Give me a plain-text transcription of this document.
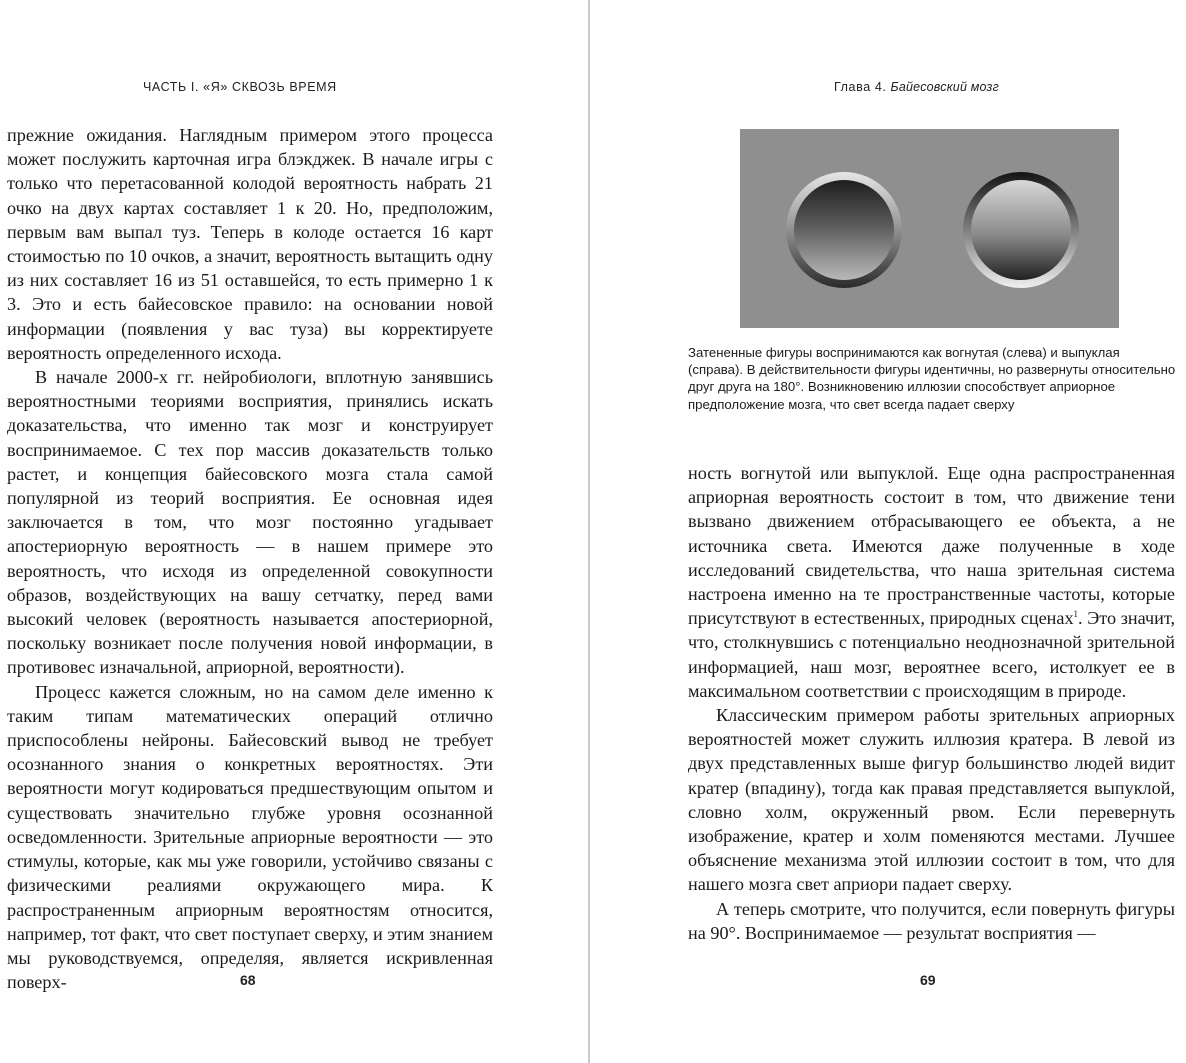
ЧАСТЬ I. «Я» СКВОЗЬ ВРЕМЯ

прежние ожидания. Наглядным примером этого процесса может послужить карточная игра блэкджек. В начале игры с только что перетасованной колодой вероятность набрать 21 очко на двух картах составляет 1 к 20. Но, предположим, первым вам выпал туз. Теперь в колоде остается 16 карт стоимостью по 10 очков, а значит, вероятность вытащить одну из них составляет 16 из 51 оставшейся, то есть примерно 1 к 3. Это и есть байесовское правило: на основании новой информации (появления у вас туза) вы корректируете вероятность определенного исхода.

В начале 2000-х гг. нейробиологи, вплотную занявшись вероятностными теориями восприятия, принялись искать доказательства, что именно так мозг и конструирует воспринимаемое. С тех пор массив доказательств только растет, и концепция байесовского мозга стала самой популярной из теорий восприятия. Ее основная идея заключается в том, что мозг постоянно угадывает апостериорную вероятность — в нашем примере это вероятность, что исходя из определенной совокупности образов, воздействующих на вашу сетчатку, перед вами высокий человек (вероятность называется апостериорной, поскольку возникает после получения новой информации, в противовес изначальной, априорной, вероятности).

Процесс кажется сложным, но на самом деле именно к таким типам математических операций отлично приспособлены нейроны. Байесовский вывод не требует осознанного знания о конкретных вероятностях. Эти вероятности могут кодироваться предшествующим опытом и существовать значительно глубже уровня осознанной осведомленности. Зрительные априорные вероятности — это стимулы, которые, как мы уже говорили, устойчиво связаны с физическими реалиями окружающего мира. К распространенным априорным вероятностям относится, например, тот факт, что свет поступает сверху, и этим знанием мы руководствуемся, определяя, является искривленная поверх-	68
Глава 4. Байесовский мозг

Затененные фигуры воспринимаются как вогнутая (слева) и выпуклая (справа). В действительности фигуры идентичны, но развернуты относительно друг друга на 180°. Возникновению иллюзии способствует априорное предположение мозга, что свет всегда падает сверху

ность вогнутой или выпуклой. Еще одна распространенная априорная вероятность состоит в том, что движение тени вызвано движением отбрасывающего ее объекта, а не источника света. Имеются даже полученные в ходе исследований свидетельства, что наша зрительная система настроена именно на те пространственные частоты, которые присутствуют в естественных, природных сценах$^1$. Это значит, что, столкнувшись с потенциально неоднозначной зрительной информацией, наш мозг, вероятнее всего, истолкует ее в максимальном соответствии с происходящим в природе.

Классическим примером работы зрительных априорных вероятностей может служить иллюзия кратера. В левой из двух представленных выше фигур большинство людей видит кратер (впадину), тогда как правая представляется выпуклой, словно холм, окруженный рвом. Если перевернуть изображение, кратер и холм поменяются местами. Лучшее объяснение механизма этой иллюзии состоит в том, что для нашего мозга свет априори падает сверху.

А теперь смотрите, что получится, если повернуть фигуры на 90°. Воспринимаемое — результат восприятия —

69
